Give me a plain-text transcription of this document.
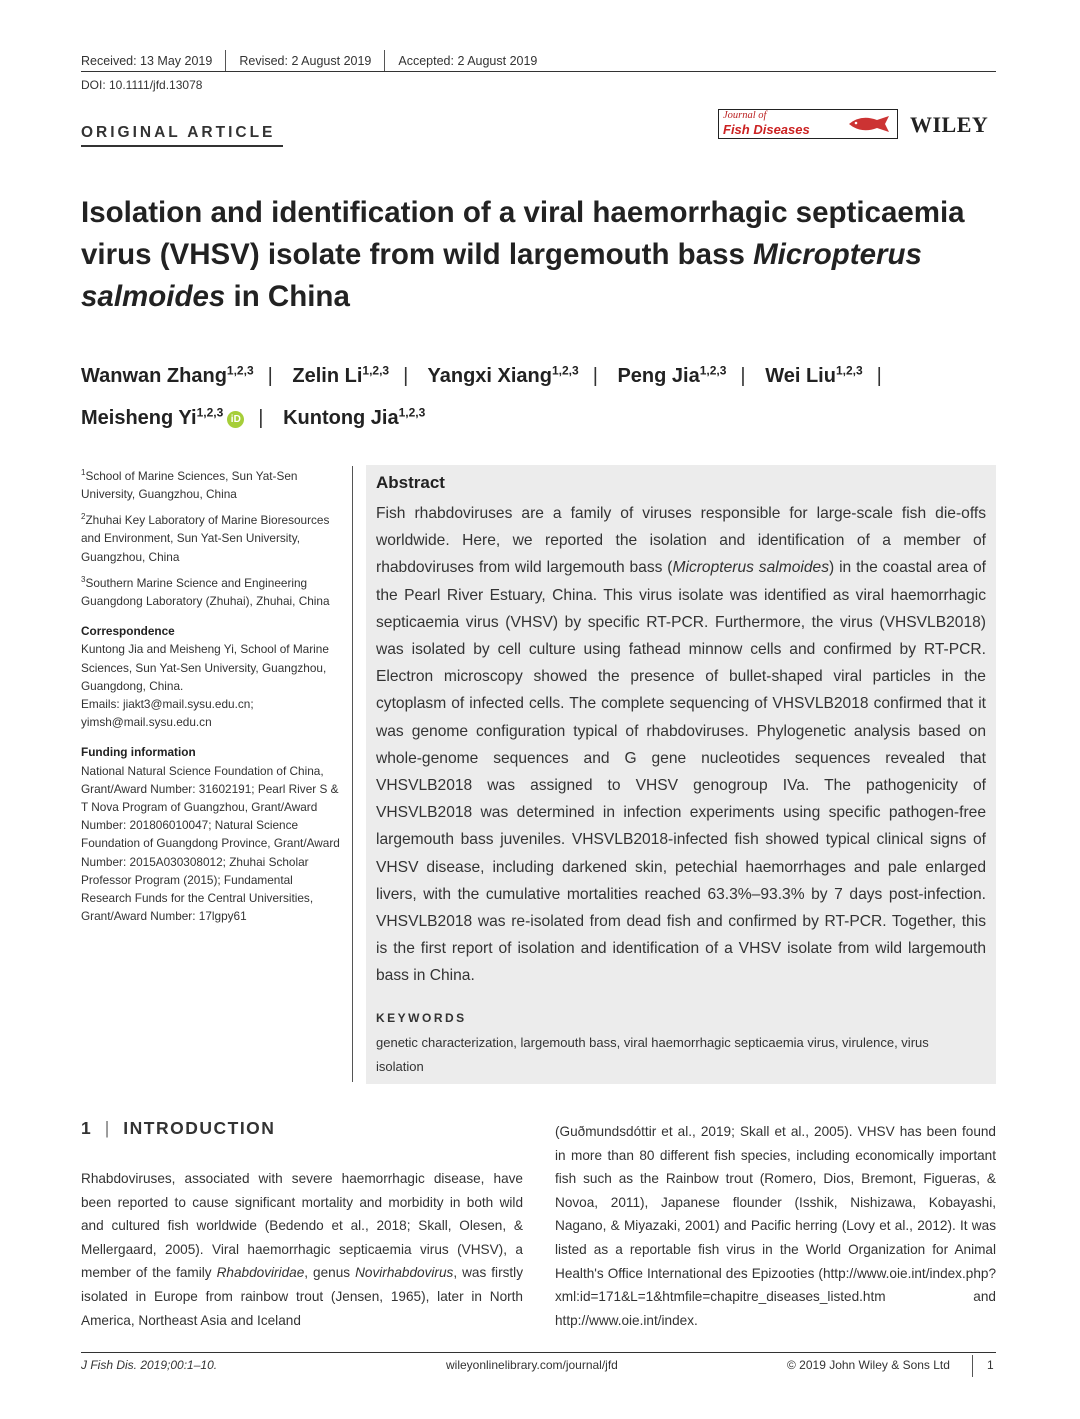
Received: 13 May 2019 Revised: 2 August 2019 Accepted: 2 August 2019
DOI: 10.1111/jfd.13078
ORIGINAL ARTICLE
Journal of
Fish Diseases	WILEY
Isolation and identification of a viral haemorrhagic septicaemia virus (VHSV) isolate from wild largemouth bass Micropterus salmoides in China
Wanwan Zhang$^{1,2,3}$ | Zelin Li$^{1,2,3}$ | Yangxi Xiang$^{1,2,3}$ | Peng Jia$^{1,2,3}$ | Wei Liu$^{1,2,3}$ |
Meisheng Yi$^{1,2,3}$iD | Kuntong Jia$^{1,2,3}$

$^1$School of Marine Sciences, Sun Yat-Sen University, Guangzhou, China

$^2$Zhuhai Key Laboratory of Marine Bioresources and Environment, Sun Yat-Sen University, Guangzhou, China

$^3$Southern Marine Science and Engineering Guangdong Laboratory (Zhuhai), Zhuhai, China

Correspondence

Kuntong Jia and Meisheng Yi, School of Marine Sciences, Sun Yat-Sen University, Guangzhou, Guangdong, China.
Emails: jiakt3@mail.sysu.edu.cn; yimsh@mail.sysu.edu.cn

Funding information

National Natural Science Foundation of China, Grant/Award Number: 31602191; Pearl River S & T Nova Program of Guangzhou, Grant/Award Number: 201806010047; Natural Science Foundation of Guangdong Province, Grant/Award Number: 2015A030308012; Zhuhai Scholar Professor Program (2015); Fundamental Research Funds for the Central Universities, Grant/Award Number: 17lgpy61

Abstract
Fish rhabdoviruses are a family of viruses responsible for large-scale fish die-offs worldwide. Here, we reported the isolation and identification of a member of rhabdoviruses from wild largemouth bass (Micropterus salmoides) in the coastal area of the Pearl River Estuary, China. This virus isolate was identified as viral haemorrhagic septicaemia virus (VHSV) by specific RT-PCR. Furthermore, the virus (VHSVLB2018) was isolated by cell culture using fathead minnow cells and confirmed by RT-PCR. Electron microscopy showed the presence of bullet-shaped viral particles in the cytoplasm of infected cells. The complete sequencing of VHSVLB2018 confirmed that it was genome configuration typical of rhabdoviruses. Phylogenetic analysis based on whole-genome sequences and G gene nucleotides sequences revealed that VHSVLB2018 was assigned to VHSV genogroup IVa. The pathogenicity of VHSVLB2018 was determined in infection experiments using specific pathogen-free largemouth bass juveniles. VHSVLB2018-infected fish showed typical clinical signs of VHSV disease, including darkened skin, petechial haemorrhages and pale enlarged livers, with the cumulative mortalities reached 63.3%–93.3% by 7 days post-infection. VHSVLB2018 was re-isolated from dead fish and confirmed by RT-PCR. Together, this is the first report of isolation and identification of a VHSV isolate from wild largemouth bass in China.
KEYWORDS
genetic characterization, largemouth bass, viral haemorrhagic septicaemia virus, virulence, virus isolation
1 | INTRODUCTION
Rhabdoviruses, associated with severe haemorrhagic disease, have been reported to cause significant mortality and morbidity in both wild and cultured fish worldwide (Bedendo et al., 2018; Skall, Olesen, & Mellergaard, 2005). Viral haemorrhagic septicaemia virus (VHSV), a member of the family Rhabdoviridae, genus Novirhabdovirus, was firstly isolated in Europe from rainbow trout (Jensen, 1965), later in North America, Northeast Asia and Iceland
(Guðmundsdóttir et al., 2019; Skall et al., 2005). VHSV has been found in more than 80 different fish species, including economically important fish such as the Rainbow trout (Romero, Dios, Bremont, Figueras, & Novoa, 2011), Japanese flounder (Isshik, Nishizawa, Kobayashi, Nagano, & Miyazaki, 2001) and Pacific herring (Lovy et al., 2012). It was listed as a reportable fish virus in the World Organization for Animal Health's Office International des Epizooties (http://www.oie.int/index.php?xml:id=171&L=1&htmfile=chapitre_diseases_listed.htm and http://www.oie.int/index.
J Fish Dis. 2019;00:1–10.	wileyonlinelibrary.com/journal/jfd	© 2019 John Wiley & Sons Ltd	1
